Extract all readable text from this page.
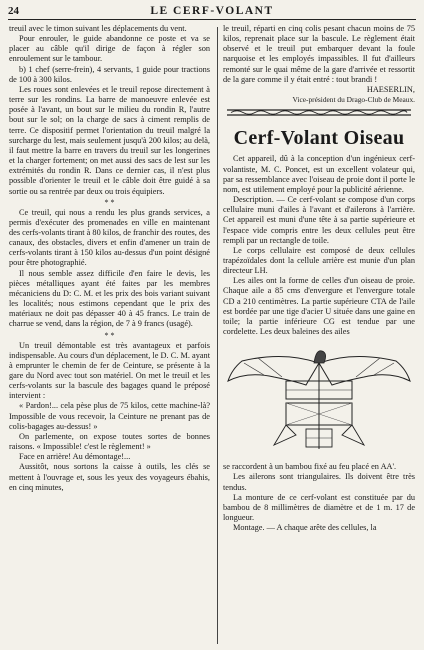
24	LE CERF-VOLANT

treuil avec le timon suivant les déplacements du vent.

Pour enrouler, le guide abandonne ce poste et va se placer au câble qu'il dirige de façon à régler son enroulement sur le tambour.

b) 1 chef (serre-frein), 4 servants, 1 guide pour tractions de 100 à 300 kilos.

Les roues sont enlevées et le treuil repose directement à terre sur les rondins. La barre de manoeuvre enlevée est posée à l'avant, un bout sur le milieu du rondin R, l'autre bout sur le sol; on la charge de sacs à ciment remplis de terre. Ce dispositif permet l'orientation du treuil malgré la surcharge du lest, mais seulement jusqu'à 200 kilos; au delà, il faut mettre la barre en travers du treuil sur les longerines et la charger fortement; on met aussi des sacs de lest sur les extrémités du rondin R. Dans ce dernier cas, il n'est plus possible d'orienter le treuil et le câble doit être guidé à sa sortie ou sa rentrée par deux ou trois équipiers.

* *

Ce treuil, qui nous a rendu les plus grands services, a permis d'exécuter des promenades en ville en maintenant des cerfs-volants tirant à 80 kilos, de franchir des routes, des canaux, des obstacles, divers et enfin d'amener un train de cerfs-volants tirant à 150 kilos au-dessus d'un point désigné pour être photographié.

Il nous semble assez difficile d'en faire le devis, les pièces métalliques ayant été faites par les membres mécaniciens du D: C. M. et les prix des bois variant suivant les localités; nous estimons cependant que le prix des matériaux ne doit pas dépasser 40 à 45 francs. Le train de charrue se vend, dans la région, de 7 à 9 francs (usagé).

* *

Un treuil démontable est très avantageux et parfois indispensable. Au cours d'un déplacement, le D. C. M. ayant à emprunter le chemin de fer de Ceinture, se présente à la gare du Nord avec tout son matériel. On met le treuil et les cerfs-volants sur la bascule des bagages quand le préposé intervient :

« Pardon!... cela pèse plus de 75 kilos, cette machine-là? Impossible de vous recevoir, la Ceinture ne prenant pas de colis-bagages au-dessus! »

On parlemente, on expose toutes sortes de bonnes raisons. « Impossible! c'est le règlement! »

Face en arrière! Au démontage!...

Aussitôt, nous sortons la caisse à outils, les clés se mettent à l'ouvrage et, sous les yeux des voyageurs ébahis, en cinq minutes,

le treuil, réparti en cinq colis pesant chacun moins de 75 kilos, reprenait place sur la bascule. Le règlement était observé et le treuil put embarquer devant la foule narquoise et les employés impassibles. Il fut d'ailleurs remonté sur le quai même de la gare d'arrivée et ressortit de la gare comme il y était entré : tout brandi !

HAESERLIN,

Vice-président du Drago-Club de Meaux.

Cerf-Volant Oiseau

Cet appareil, dû à la conception d'un ingénieux cerf-volantiste, M. C. Poncet, est un excellent volateur qui, par sa ressemblance avec l'oiseau de proie dont il porte le nom, est utilement employé pour la publicité aérienne.

Description. — Ce cerf-volant se compose d'un corps cellulaire muni d'ailes à l'avant et d'ailerons à l'arrière. Cet appareil est muni d'une tête à sa partie supérieure et l'espace vide compris entre les deux cellules peut être rempli par un rectangle de toile.

Le corps cellulaire est composé de deux cellules trapézoïdales dont la cellule arrière est munie d'un plan directeur LH.

Les ailes ont la forme de celles d'un oiseau de proie. Chaque aile a 85 cms d'envergure et l'envergure totale CD a 210 centimètres. La partie supérieure CTA de l'aile est bordée par une tige d'acier U située dans une gaine en toile; la partie inférieure CG est tendue par une cordelette. Les deux baleines des ailes

se raccordent à un bambou fixé au feu placé en AA'.

Les ailerons sont triangulaires. Ils doivent être très tendus.

La monture de ce cerf-volant est constituée par du bambou de 8 millimètres de diamètre et de 1 m. 17 de longueur.

Montage. — A chaque arête des cellules, la
